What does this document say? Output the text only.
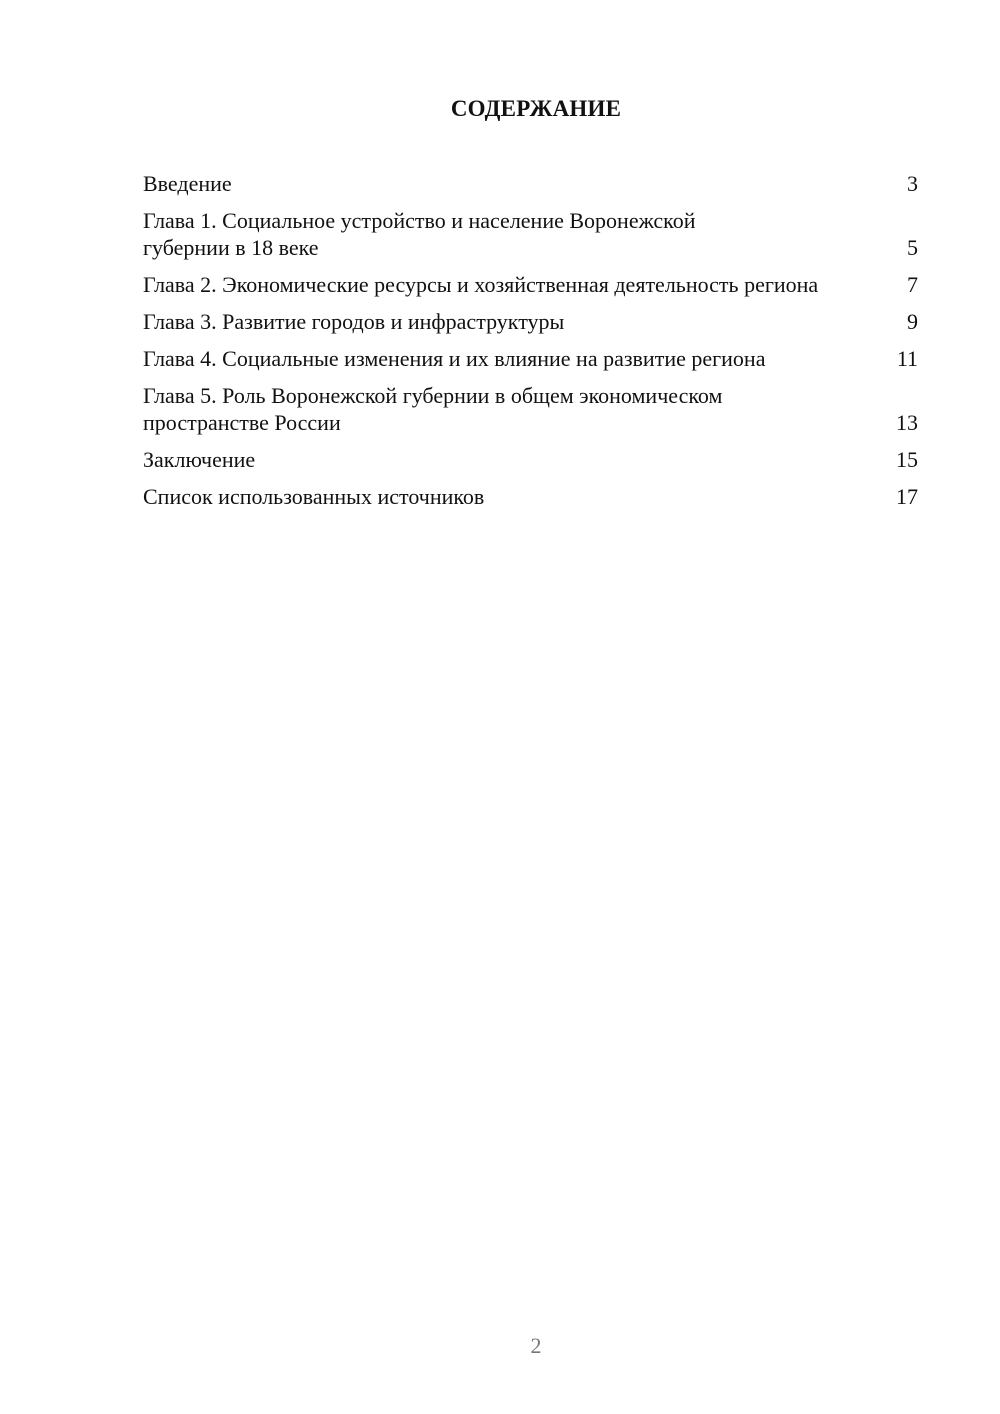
СОДЕРЖАНИЕ
Введение	3
Глава 1. Социальное устройство и население Воронежской губернии в 18 веке	5
Глава 2. Экономические ресурсы и хозяйственная деятельность региона	7
Глава 3. Развитие городов и инфраструктуры	9
Глава 4. Социальные изменения и их влияние на развитие региона	11
Глава 5. Роль Воронежской губернии в общем экономическом пространстве России	13
Заключение	15
Список использованных источников	17
2
